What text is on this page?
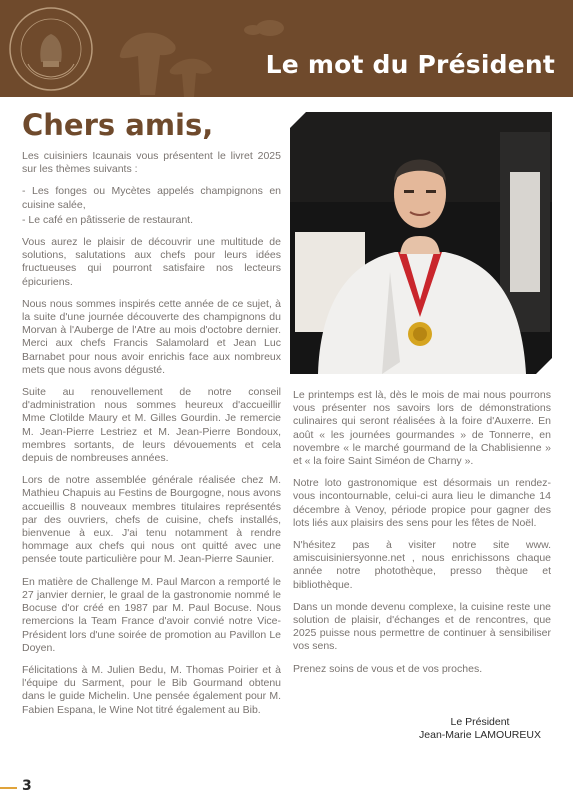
Le mot du Président
Chers amis,

Les cuisiniers Icaunais vous présentent le livret 2025 sur les thèmes suivants :

- Les fonges ou Mycètes appelés champignons en cuisine salée,

- Le café en pâtisserie de restaurant.

Vous aurez le plaisir de découvrir une multitude de solutions, salutations aux chefs pour leurs idées fructueuses qui pourront satisfaire nos lecteurs épicuriens.

Nous nous sommes inspirés cette année de ce sujet, à la suite d'une journée découverte des champignons du Morvan à l'Auberge de l'Atre au mois d'octobre dernier. Merci aux chefs Francis Salamolard et Jean Luc Barnabet pour nous avoir enrichis face aux nombreux mets que nous avons dégusté.

Suite au renouvellement de notre conseil d'administration nous sommes heureux d'accueillir Mme Clotilde Maury et M. Gilles Gourdin. Je remercie M. Jean-Pierre Lestriez et M. Jean-Pierre Bondoux, membres sortants, de leurs dévouements et cela depuis de nombreuses années.

Lors de notre assemblée générale réalisée chez M. Mathieu Chapuis au Festins de Bourgogne, nous avons accueillis 8 nouveaux membres titulaires représentés par des ouvriers, chefs de cuisine, chefs installés, bienvenue à eux. J'ai tenu notamment à rendre hommage aux chefs qui nous ont quitté avec une pensée toute particulière pour M. Jean-Pierre Saunier.

En matière de Challenge M. Paul Marcon a remporté le 27 janvier dernier, le graal de la gastronomie nommé le Bocuse d'or créé en 1987 par M. Paul Bocuse. Nous remercions la Team France d'avoir convié notre Vice-Président lors d'une soirée de promotion au Pavillon Le Doyen.

Félicitations à M. Julien Bedu, M. Thomas Poirier et à l'équipe du Sarment, pour le Bib Gourmand obtenu dans le guide Michelin. Une pensée également pour M. Fabien Espana, le Wine Not titré également au Bib.

Le printemps est là, dès le mois de mai nous pourrons vous présenter nos savoirs lors de démonstrations culinaires qui seront réalisées à la foire d'Auxerre. En août « les journées gourmandes » de Tonnerre, en novembre « le marché gourmand de la Chablisienne » et « la foire Saint Siméon de Charny ».

Notre loto gastronomique est désormais un rendez-vous incontournable, celui-ci aura lieu le dimanche 14 décembre à Venoy, période propice pour gagner des lots liés aux plaisirs des sens pour les fêtes de Noël.

N'hésitez pas à visiter notre site www. amiscuisiniersyonne.net , nous enrichissons chaque année notre photothèque, presso thèque et bibliothèque.

Dans un monde devenu complexe, la cuisine reste une solution de plaisir, d'échanges et de rencontres, que 2025 puisse nous permettre de continuer à sensibiliser vos sens.

Prenez soins de vous et de vos proches.

Le Président
Jean-Marie LAMOUREUX
3
